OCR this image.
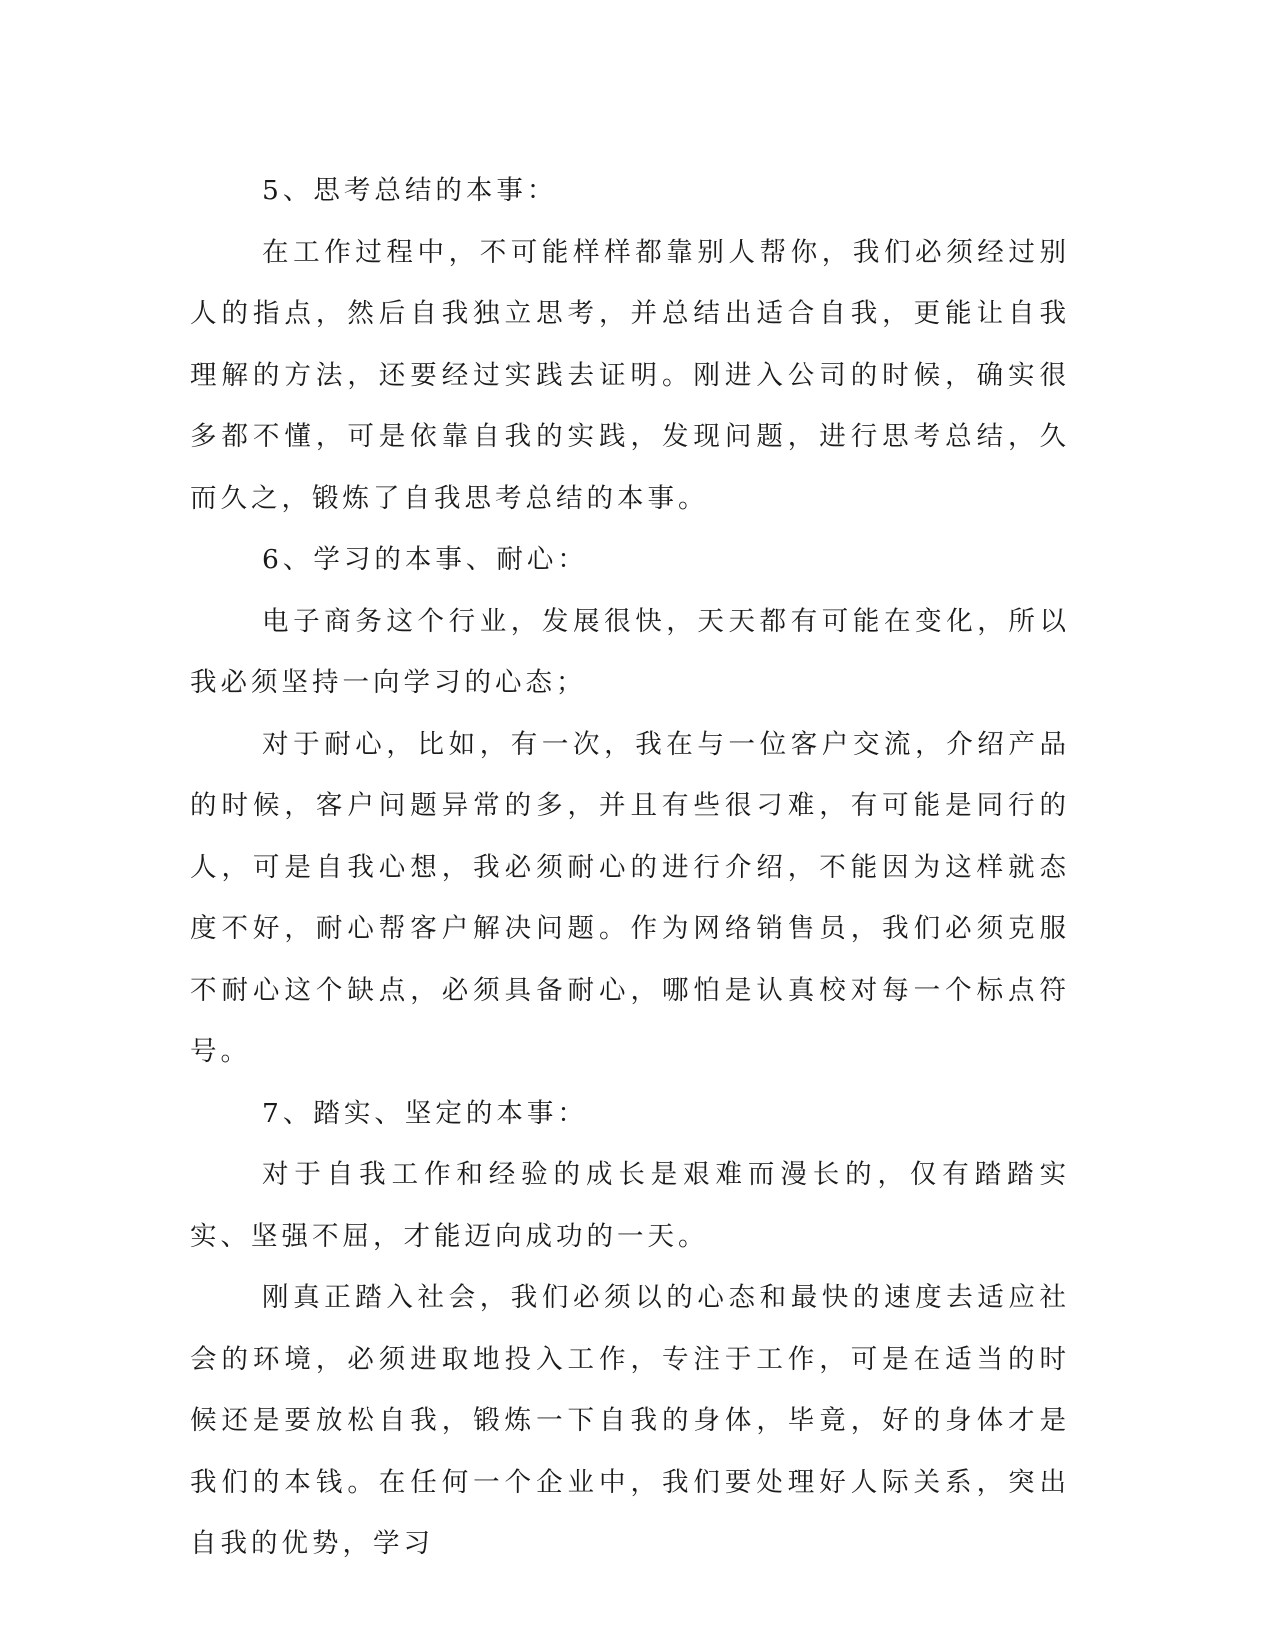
5、思考总结的本事：

在工作过程中，不可能样样都靠别人帮你，我们必须经过别人的指点，然后自我独立思考，并总结出适合自我，更能让自我理解的方法，还要经过实践去证明。刚进入公司的时候，确实很多都不懂，可是依靠自我的实践，发现问题，进行思考总结，久而久之，锻炼了自我思考总结的本事。

6、学习的本事、耐心：

电子商务这个行业，发展很快，天天都有可能在变化，所以我必须坚持一向学习的心态；

对于耐心，比如，有一次，我在与一位客户交流，介绍产品的时候，客户问题异常的多，并且有些很刁难，有可能是同行的人，可是自我心想，我必须耐心的进行介绍，不能因为这样就态度不好，耐心帮客户解决问题。作为网络销售员，我们必须克服不耐心这个缺点，必须具备耐心，哪怕是认真校对每一个标点符号。

7、踏实、坚定的本事：

对于自我工作和经验的成长是艰难而漫长的，仅有踏踏实实、坚强不屈，才能迈向成功的一天。

刚真正踏入社会，我们必须以的心态和最快的速度去适应社会的环境，必须进取地投入工作，专注于工作，可是在适当的时候还是要放松自我，锻炼一下自我的身体，毕竟，好的身体才是我们的本钱。在任何一个企业中，我们要处理好人际关系，突出自我的优势，学习
